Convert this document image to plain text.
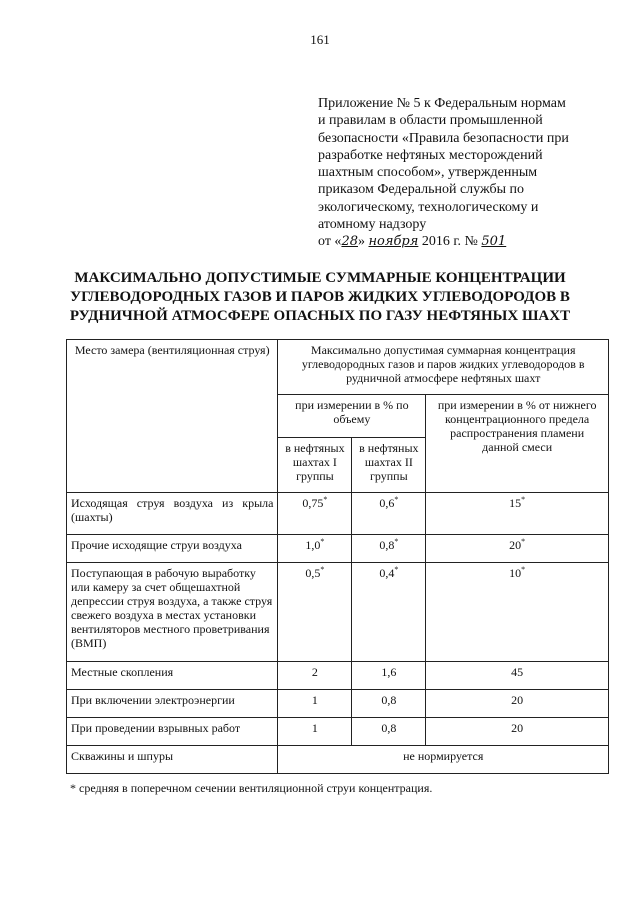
161
Приложение № 5 к Федеральным нормам
и правилам в области промышленной
безопасности «Правила безопасности при
разработке нефтяных месторождений
шахтным способом», утвержденным
приказом Федеральной службы по
экологическому, технологическому и
атомному надзору
от «28» ноября 2016 г. № 501
МАКСИМАЛЬНО ДОПУСТИМЫЕ СУММАРНЫЕ КОНЦЕНТРАЦИИ
УГЛЕВОДОРОДНЫХ ГАЗОВ И ПАРОВ ЖИДКИХ УГЛЕВОДОРОДОВ В
РУДНИЧНОЙ АТМОСФЕРЕ ОПАСНЫХ ПО ГАЗУ НЕФТЯНЫХ ШАХТ
Место замера (вентиляционная струя)	Максимально допустимая суммарная концентрация углеводородных газов и паров жидких углеводородов в рудничной атмосфере нефтяных шахт		
	при измерении в % по объему		при измерении в % от нижнего концентрационного предела распространения пламени данной смеси
	в нефтяных шахтах I группы	в нефтяных шахтах II группы	
Исходящая струя воздуха из крыла (шахты)	0,75*	0,6*	15*
Прочие исходящие струи воздуха	1,0*	0,8*	20*
Поступающая в рабочую выработку или камеру за счет общешахтной депрессии струя воздуха, а также струя свежего воздуха в местах установки вентиляторов местного проветривания (ВМП)	0,5*	0,4*	10*
Местные скопления	2	1,6	45
При включении электроэнергии	1	0,8	20
При проведении взрывных работ	1	0,8	20
Скважины и шпуры	не нормируется		
* средняя в поперечном сечении вентиляционной струи концентрация.
